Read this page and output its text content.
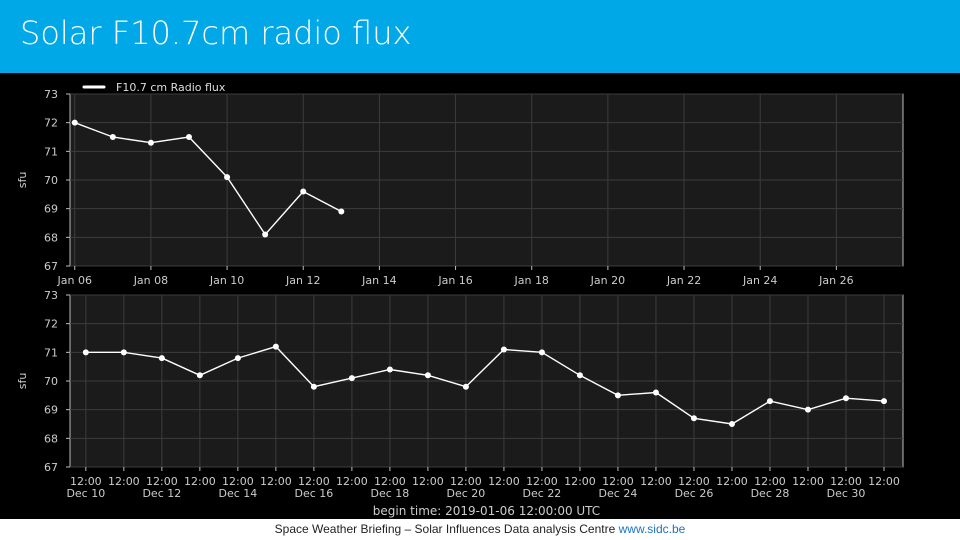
Solar F10.7cm radio flux
67
68
69
70
71
72
73
Jan 06	Jan 08	Jan 10	Jan 12	Jan 14	Jan 16	Jan 18	Jan 20	Jan 22	Jan 24	Jan 26
sfu
F10.7 cm Radio flux
67
68
69
70
71
72
73
12:00
Dec 10
12:00 12:00
Dec 12
12:00 12:00
Dec 14
12:00 12:00
Dec 16
12:00 12:00
Dec 18
12:00 12:00
Dec 20
12:00 12:00
Dec 22
12:00 12:00
Dec 24
12:00 12:00
Dec 26
12:00 12:00
Dec 28
12:00 12:00
Dec 30
12:00
sfu
begin time: 2019-01-06 12:00:00 UTC
Space Weather Briefing – Solar Influences Data analysis Centre www.sidc.be
